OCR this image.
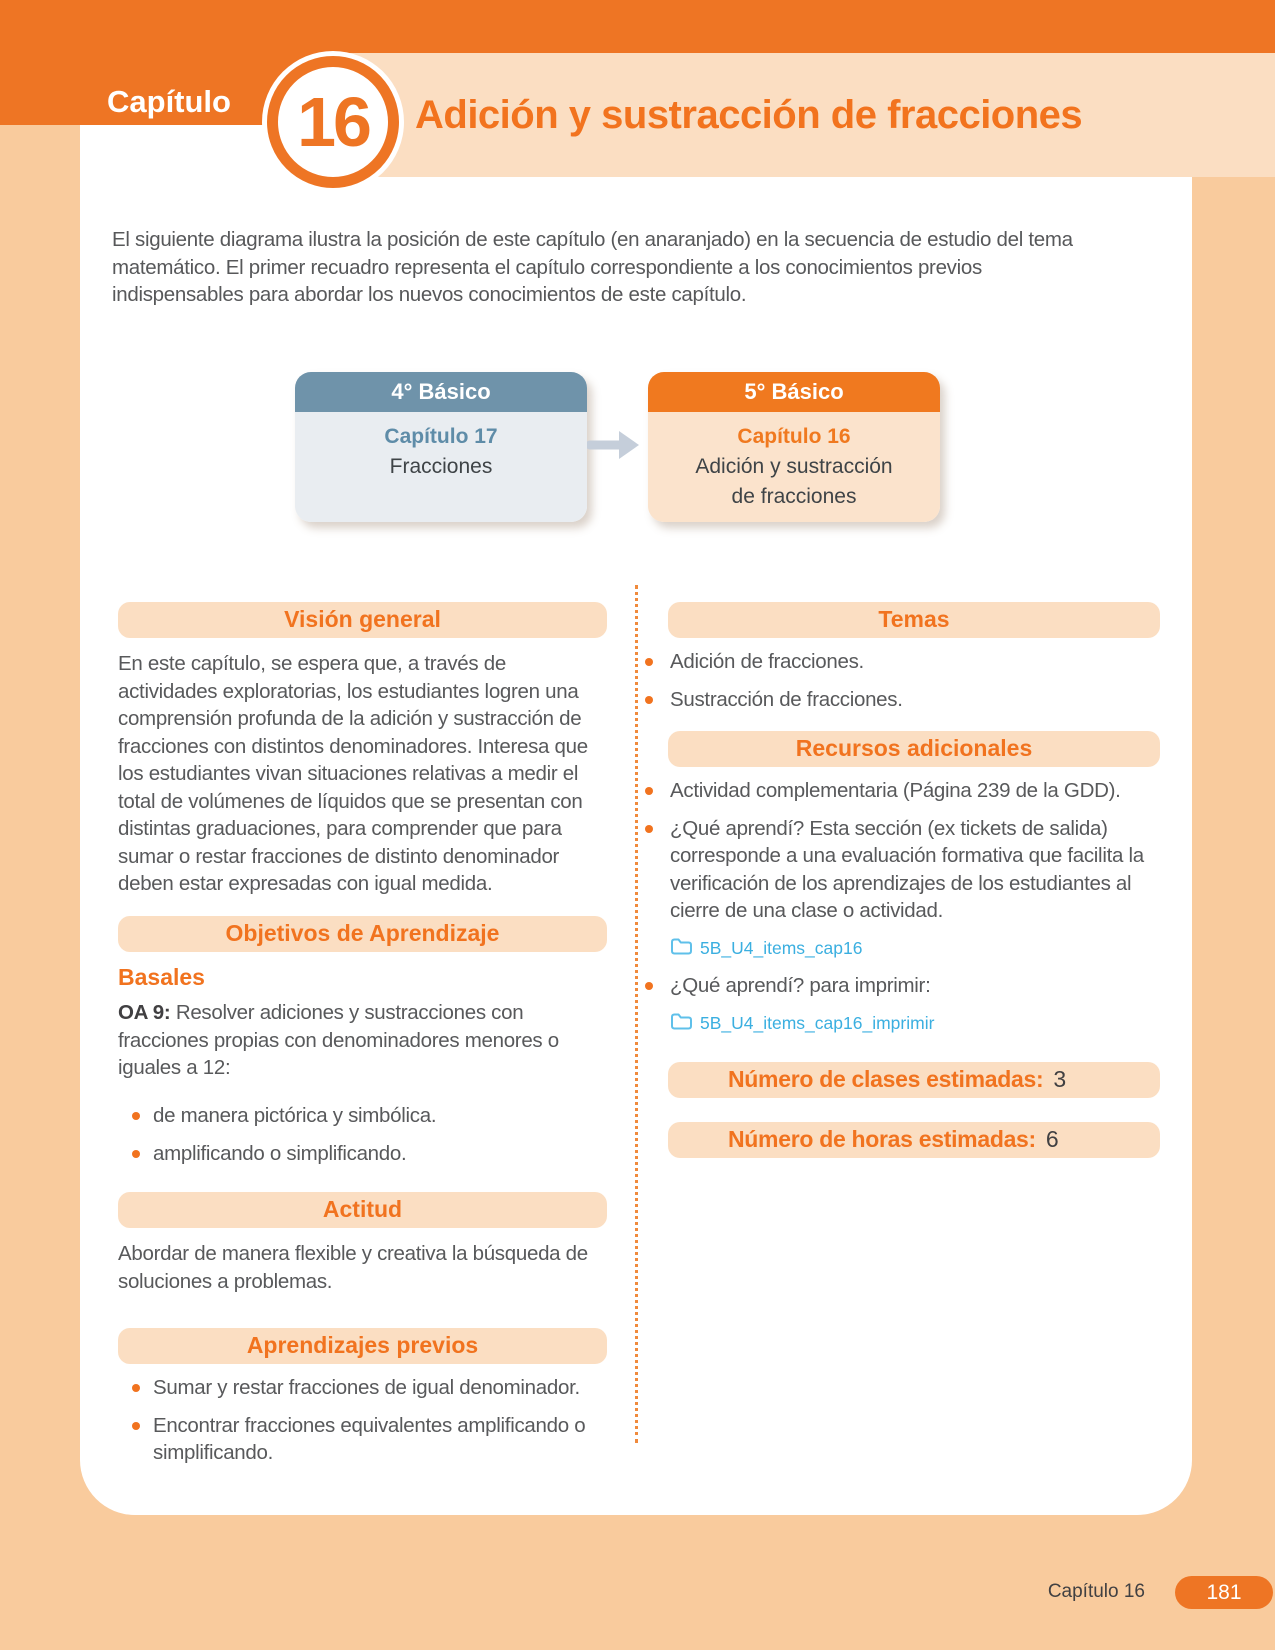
Adición y sustracción de fracciones
Capítulo 16
El siguiente diagrama ilustra la posición de este capítulo (en anaranjado) en la secuencia de estudio del tema matemático. El primer recuadro representa el capítulo correspondiente a los conocimientos previos indispensables para abordar los nuevos conocimientos de este capítulo.
4° Básico
Capítulo 17
Fracciones
5° Básico
Capítulo 16
Adición y sustracción de fracciones
Visión general

En este capítulo, se espera que, a través de actividades exploratorias, los estudiantes logren una comprensión profunda de la adición y sustracción de fracciones con distintos denominadores. Interesa que los estudiantes vivan situaciones relativas a medir el total de volúmenes de líquidos que se presentan con distintas graduaciones, para comprender que para sumar o restar fracciones de distinto denominador deben estar expresadas con igual medida.

Objetivos de Aprendizaje
Basales

OA 9: Resolver adiciones y sustracciones con fracciones propias con denominadores menores o iguales a 12:

de manera pictórica y simbólica.
amplificando o simplificando.
Actitud

Abordar de manera flexible y creativa la búsqueda de soluciones a problemas.

Aprendizajes previos
Sumar y restar fracciones de igual denominador.
Encontrar fracciones equivalentes amplificando o simplificando.
Temas
Adición de fracciones.
Sustracción de fracciones.
Recursos adicionales
Actividad complementaria (Página 239 de la GDD).
¿Qué aprendí? Esta sección (ex tickets de salida) corresponde a una evaluación formativa que facilita la verificación de los aprendizajes de los estudiantes al cierre de una clase o actividad.
5B_U4_items_cap16
¿Qué aprendí? para imprimir:
5B_U4_items_cap16_imprimir
Número de clases estimadas: 3
Número de horas estimadas: 6
Capítulo 16	181
